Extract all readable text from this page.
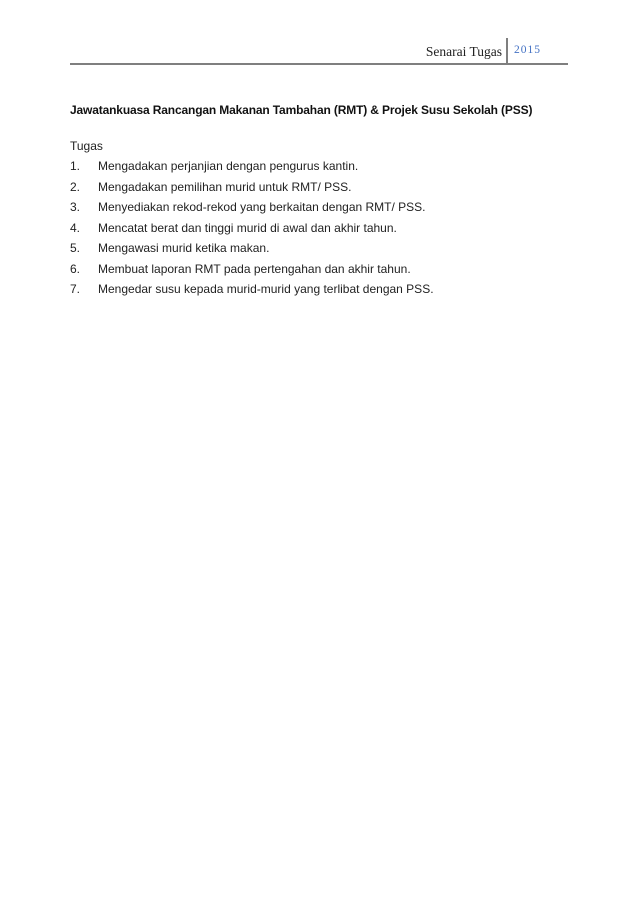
Senarai Tugas 2015
Jawatankuasa Rancangan Makanan Tambahan (RMT) & Projek Susu Sekolah (PSS)
Tugas
1.	Mengadakan perjanjian dengan pengurus kantin.
2.	Mengadakan pemilihan murid untuk RMT/ PSS.
3.	Menyediakan rekod-rekod yang berkaitan dengan RMT/ PSS.
4.	Mencatat berat dan tinggi murid di awal dan akhir tahun.
5.	Mengawasi murid ketika makan.
6.	Membuat laporan RMT pada pertengahan dan akhir tahun.
7.	Mengedar susu kepada murid-murid yang terlibat dengan PSS.
